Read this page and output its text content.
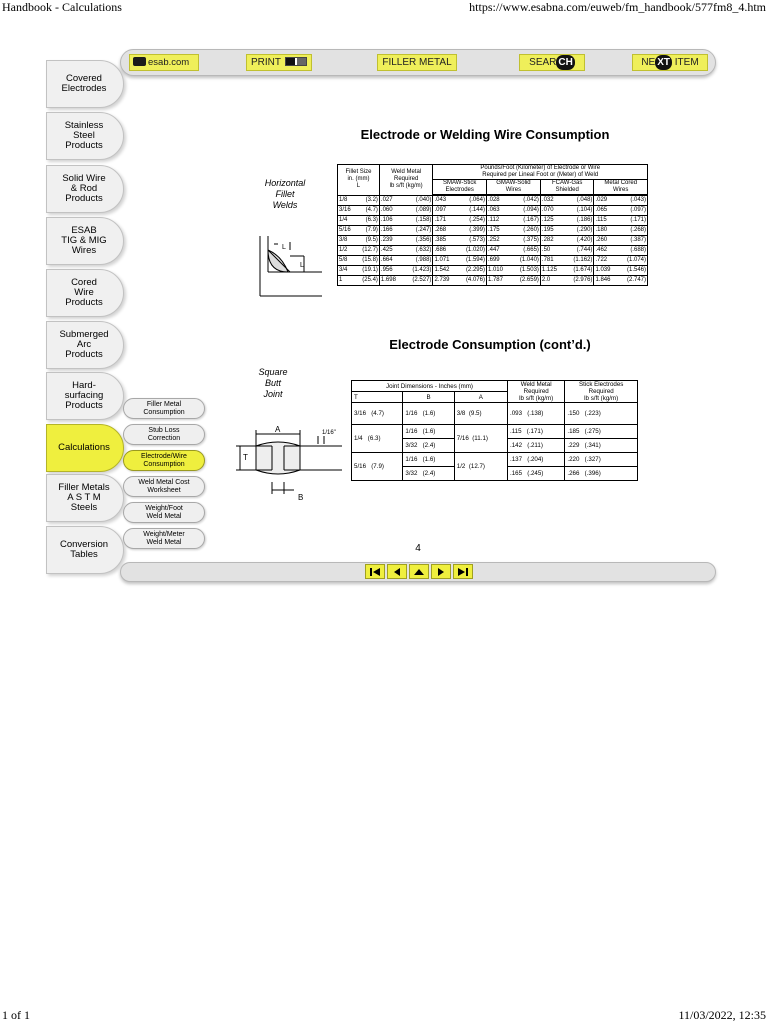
Handbook - Calculations	https://www.esabna.com/euweb/fm_handbook/577fm8_4.htm
1 of 1	11/03/2022, 12:35
esab.com	PRINT	FILLER METAL	SEAR CH	NE XT ITEM
Covered
Electrodes
Stainless
Steel
Products
Solid Wire
& Rod
Products
ESAB
TIG & MIG
Wires
Cored
Wire
Products
Submerged
Arc
Products
Hard-
surfacing
Products
Calculations
Filler Metals
A S T M
Steels
Conversion
Tables
Filler Metal
Consumption
Stub Loss
Correction
Electrode/Wire
Consumption
Weld Metal Cost
Worksheet
Weight/Foot
Weld Metal
Weight/Meter
Weld Metal
Electrode or Welding Wire Consumption
Horizontal
Fillet
Welds
L
L
Fillet Size
in. (mm)
L	Weld Metal
Required
lb s/ft (kg/m)	Pounds/Foot (Kilometer) of Electrode or Wire
Required per Lineal Foot or (Meter) of Weld			
		SMAW-Stick
Electrodes	GMAW-Solid
Wires	FCAW-Gas
Shielded	Metal Cored
Wires
1/8 (3.2)	.027 (.040)	.043 (.064)	.028 (.042)	.032 (.048)	.029 (.043)

3/16 (4.7)	.060 (.089)	.097 (.144)	.063 (.094)	.070 (.104)	.065 (.097)

1/4 (6.3)	.106 (.158)	.171 (.254)	.112 (.167)	.125 (.186)	.115 (.171)

5/16 (7.9)	.166 (.247)	.268 (.399)	.175 (.260)	.195 (.290)	.180 (.268)

3/8 (9.5)	.239 (.356)	.385 (.573)	.252 (.375)	.282 (.420)	.260 (.387)

1/2 (12.7)	.425 (.632)	.686 (1.020)	.447 (.665)	.50 (.744)	.462 (.688)

5/8 (15.8)	.664 (.988)	1.071 (1.594)	.699 (1.040)	.781 (1.162)	.722 (1.074)

3/4 (19.1)	.956 (1.423)	1.542 (2.295)	1.010 (1.503)	1.125 (1.674)	1.039 (1.546)

1 (25.4)	1.698 (2.527)	2.739 (4.076)	1.787 (2.659)	2.0 (2.976)	1.846 (2.747)
Electrode Consumption (cont’d.)
Square
Butt
Joint
A
T
B
1/16"
Joint Dimensions - Inches (mm)			Weld Metal
Required
lb s/ft (kg/m)	Stick Electrodes
Required
lb s/ft (kg/m)
T	B	A		
3/16 (4.7)	1/16 (1.6)	3/8 (9.5)	.093 (.138)	.150 (.223)
1/4 (6.3)	1/16 (1.6)	7/16 (11.1)	.115 (.171)	.185 (.275)
	3/32 (2.4)		.142 (.211)	.229 (.341)
5/16 (7.9)	1/16 (1.6)	1/2 (12.7)	.137 (.204)	.220 (.327)
	3/32 (2.4)		.165 (.245)	.266 (.396)
4
